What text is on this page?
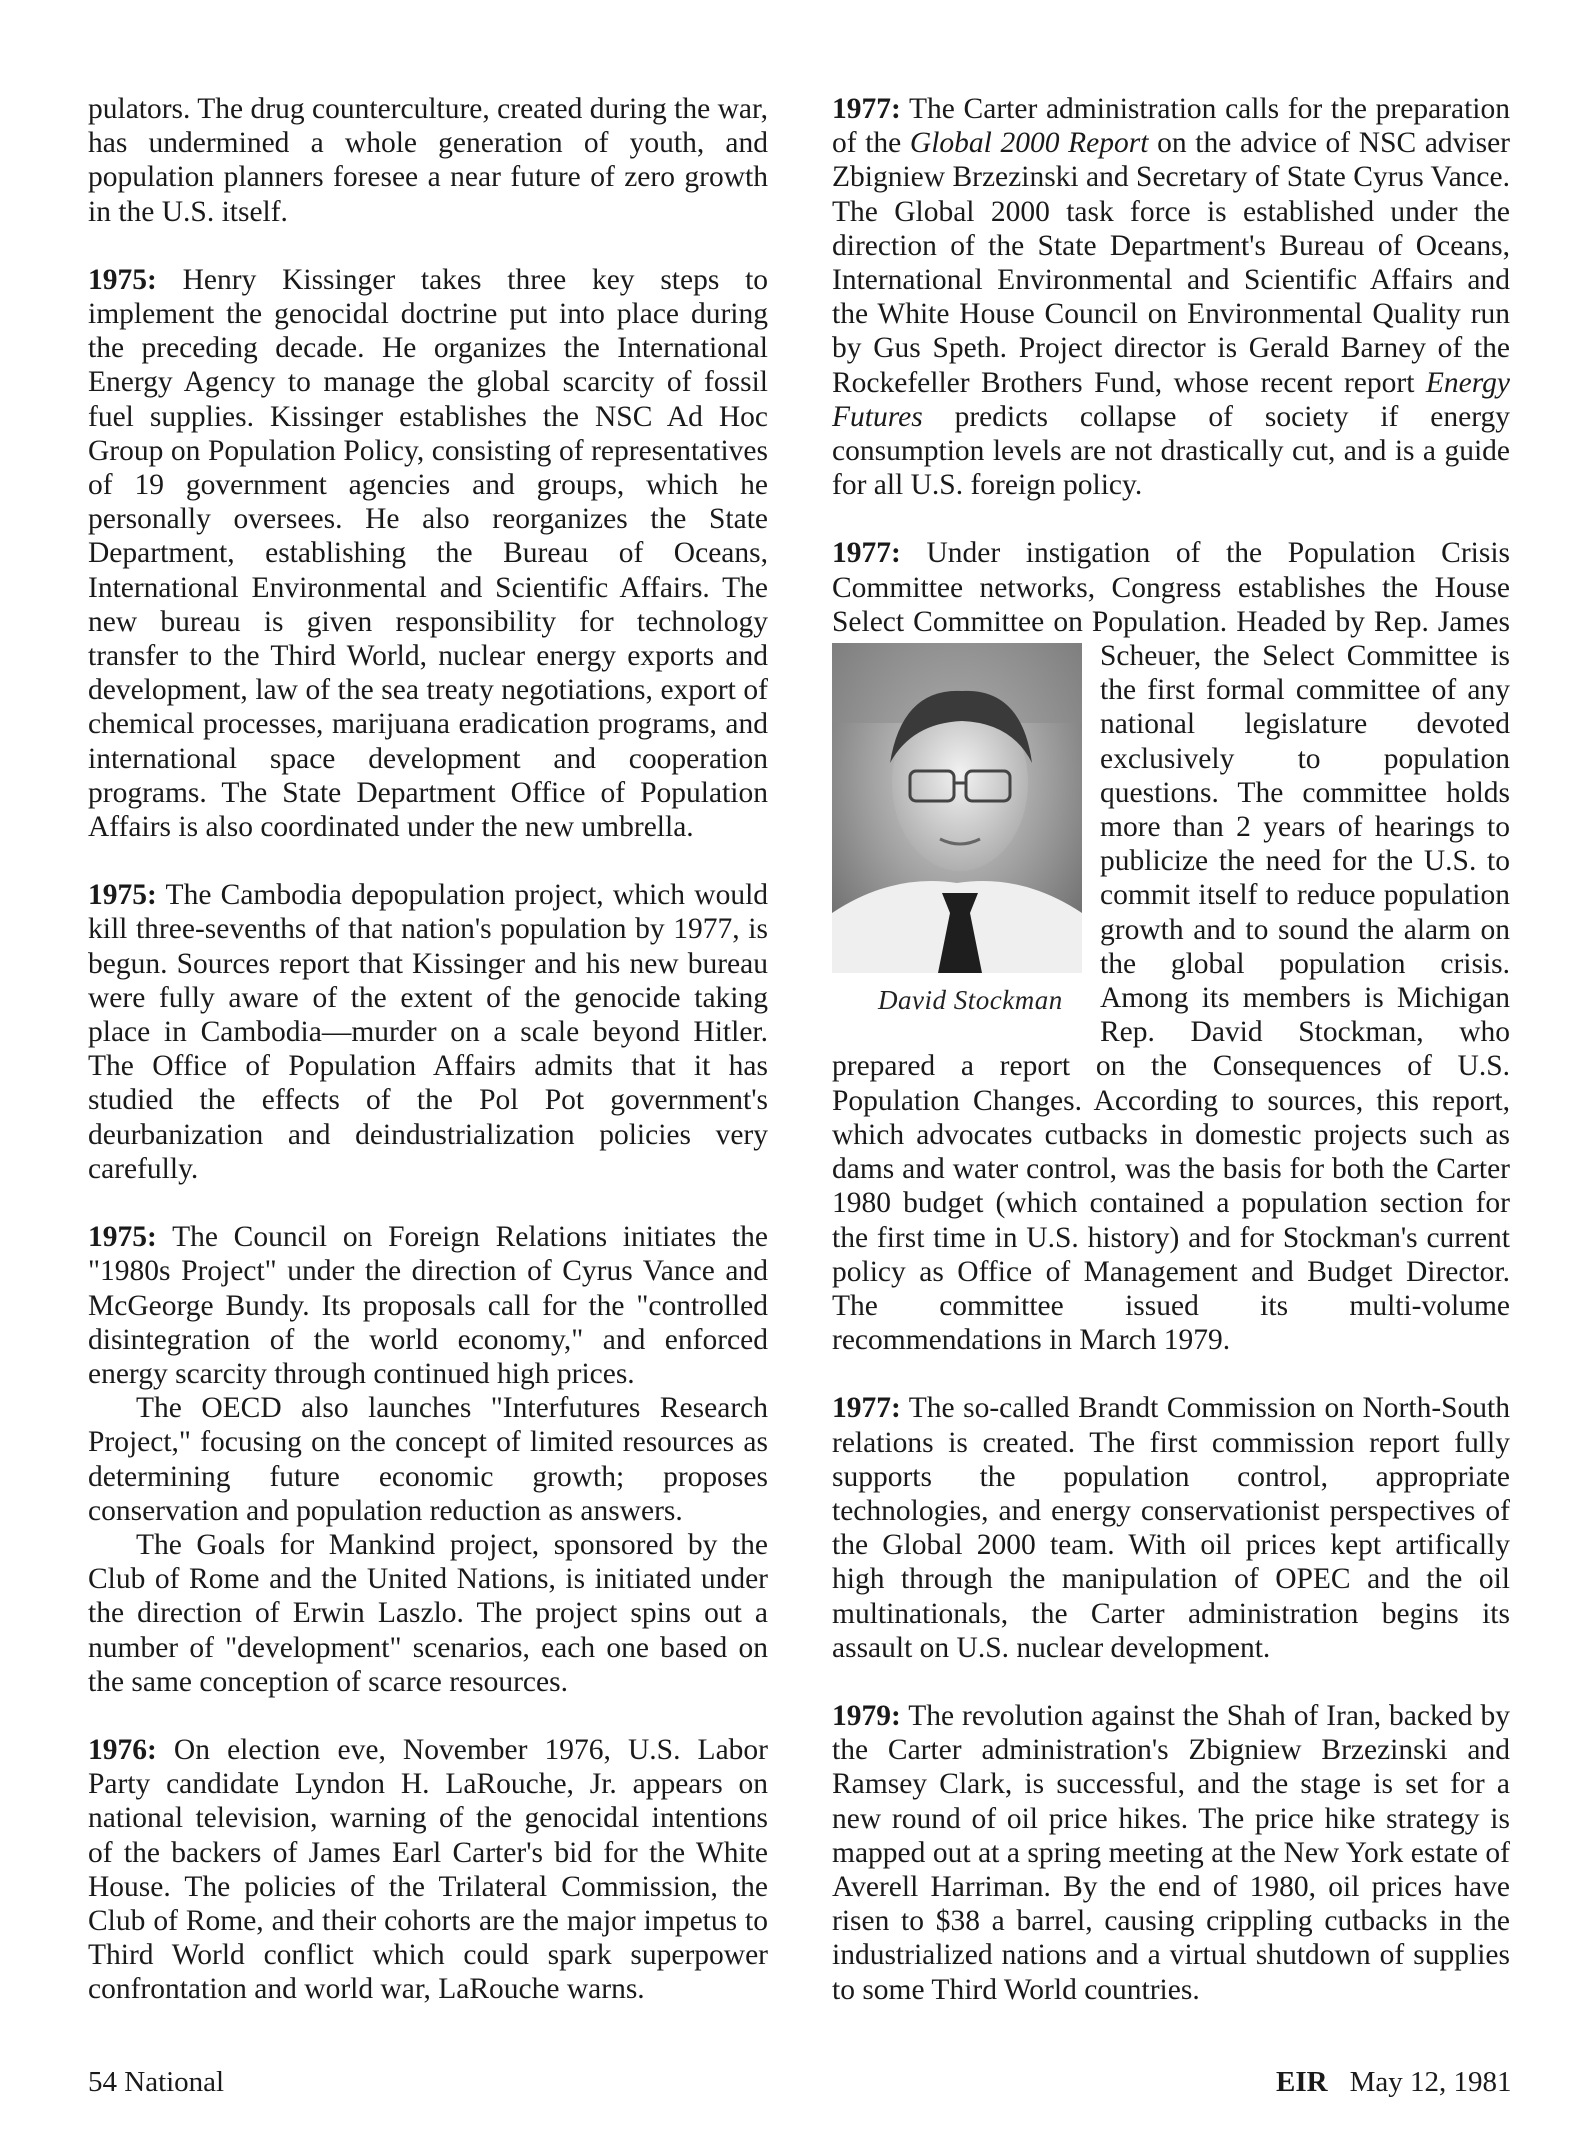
pulators. The drug counterculture, created during the war, has undermined a whole generation of youth, and population planners foresee a near future of zero growth in the U.S. itself.

1975: Henry Kissinger takes three key steps to implement the genocidal doctrine put into place during the preceding decade. He organizes the International Energy Agency to manage the global scarcity of fossil fuel supplies. Kissinger establishes the NSC Ad Hoc Group on Population Policy, consisting of representatives of 19 government agencies and groups, which he personally oversees. He also reorganizes the State Department, establishing the Bureau of Oceans, International Environmental and Scientific Affairs. The new bureau is given responsibility for technology transfer to the Third World, nuclear energy exports and development, law of the sea treaty negotiations, export of chemical processes, marijuana eradication programs, and international space development and cooperation programs. The State Department Office of Population Affairs is also coordinated under the new umbrella.

1975: The Cambodia depopulation project, which would kill three-sevenths of that nation's population by 1977, is begun. Sources report that Kissinger and his new bureau were fully aware of the extent of the genocide taking place in Cambodia—murder on a scale beyond Hitler. The Office of Population Affairs admits that it has studied the effects of the Pol Pot government's deurbanization and deindustrialization policies very carefully.

1975: The Council on Foreign Relations initiates the "1980s Project" under the direction of Cyrus Vance and McGeorge Bundy. Its proposals call for the "controlled disintegration of the world economy," and enforced energy scarcity through continued high prices.

The OECD also launches "Interfutures Research Project," focusing on the concept of limited resources as determining future economic growth; proposes conservation and population reduction as answers.

The Goals for Mankind project, sponsored by the Club of Rome and the United Nations, is initiated under the direction of Erwin Laszlo. The project spins out a number of "development" scenarios, each one based on the same conception of scarce resources.

1976: On election eve, November 1976, U.S. Labor Party candidate Lyndon H. LaRouche, Jr. appears on national television, warning of the genocidal intentions of the backers of James Earl Carter's bid for the White House. The policies of the Trilateral Commission, the Club of Rome, and their cohorts are the major impetus to Third World conflict which could spark superpower confrontation and world war, LaRouche warns.

1977: The Carter administration calls for the preparation of the Global 2000 Report on the advice of NSC adviser Zbigniew Brzezinski and Secretary of State Cyrus Vance. The Global 2000 task force is established under the direction of the State Department's Bureau of Oceans, International Environmental and Scientific Affairs and the White House Council on Environmental Quality run by Gus Speth. Project director is Gerald Barney of the Rockefeller Brothers Fund, whose recent report Energy Futures predicts collapse of society if energy consumption levels are not drastically cut, and is a guide for all U.S. foreign policy.

1977: Under instigation of the Population Crisis Committee networks, Congress establishes the House Select Committee on Population. Headed by Rep. James
David Stockman
Scheuer, the Select Committee is the first formal committee of any national legislature devoted exclusively to population questions. The committee holds more than 2 years of hearings to publicize the need for the U.S. to commit itself to reduce population growth and to sound the alarm on the global population crisis. Among its members is Michigan Rep. David Stockman, who prepared a report on the Consequences of U.S. Population Changes. According to sources, this report, which advocates cutbacks in domestic projects such as dams and water control, was the basis for both the Carter 1980 budget (which contained a population section for the first time in U.S. history) and for Stockman's current policy as Office of Management and Budget Director. The committee issued its multi-volume recommendations in March 1979.

1977: The so-called Brandt Commission on North-South relations is created. The first commission report fully supports the population control, appropriate technologies, and energy conservationist perspectives of the Global 2000 team. With oil prices kept artifically high through the manipulation of OPEC and the oil multinationals, the Carter administration begins its assault on U.S. nuclear development.

1979: The revolution against the Shah of Iran, backed by the Carter administration's Zbigniew Brzezinski and Ramsey Clark, is successful, and the stage is set for a new round of oil price hikes. The price hike strategy is mapped out at a spring meeting at the New York estate of Averell Harriman. By the end of 1980, oil prices have risen to $38 a barrel, causing crippling cutbacks in the industrialized nations and a virtual shutdown of supplies to some Third World countries.

54 National	EIR May 12, 1981
